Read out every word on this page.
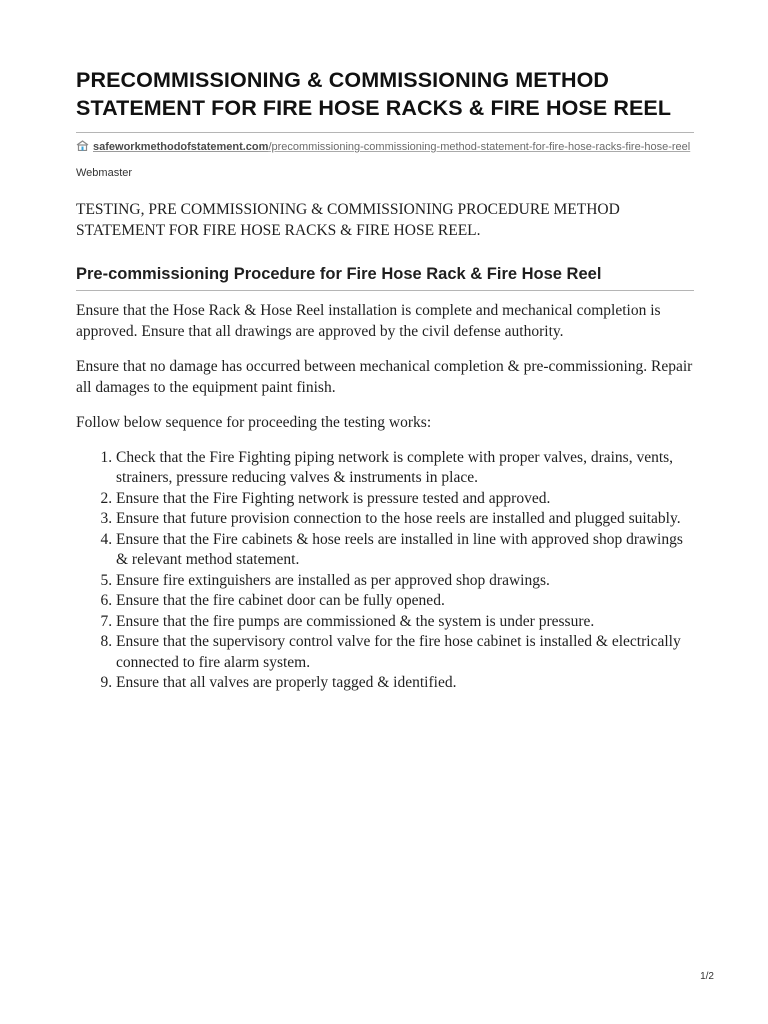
PRECOMMISSIONING & COMMISSIONING METHOD STATEMENT FOR FIRE HOSE RACKS & FIRE HOSE REEL
safeworkmethodofstatement.com/precommissioning-commissioning-method-statement-for-fire-hose-racks-fire-hose-reel
Webmaster

TESTING, PRE COMMISSIONING & COMMISSIONING PROCEDURE METHOD STATEMENT FOR FIRE HOSE RACKS & FIRE HOSE REEL.

Pre-commissioning Procedure for Fire Hose Rack & Fire Hose Reel

Ensure that the Hose Rack & Hose Reel installation is complete and mechanical completion is approved. Ensure that all drawings are approved by the civil defense authority.

Ensure that no damage has occurred between mechanical completion & pre-commissioning. Repair all damages to the equipment paint finish.

Follow below sequence for proceeding the testing works:

1. Check that the Fire Fighting piping network is complete with proper valves, drains, vents, strainers, pressure reducing valves & instruments in place.
2. Ensure that the Fire Fighting network is pressure tested and approved.
3. Ensure that future provision connection to the hose reels are installed and plugged suitably.
4. Ensure that the Fire cabinets & hose reels are installed in line with approved shop drawings & relevant method statement.
5. Ensure fire extinguishers are installed as per approved shop drawings.
6. Ensure that the fire cabinet door can be fully opened.
7. Ensure that the fire pumps are commissioned & the system is under pressure.
8. Ensure that the supervisory control valve for the fire hose cabinet is installed & electrically connected to fire alarm system.
9. Ensure that all valves are properly tagged & identified.
1/2
